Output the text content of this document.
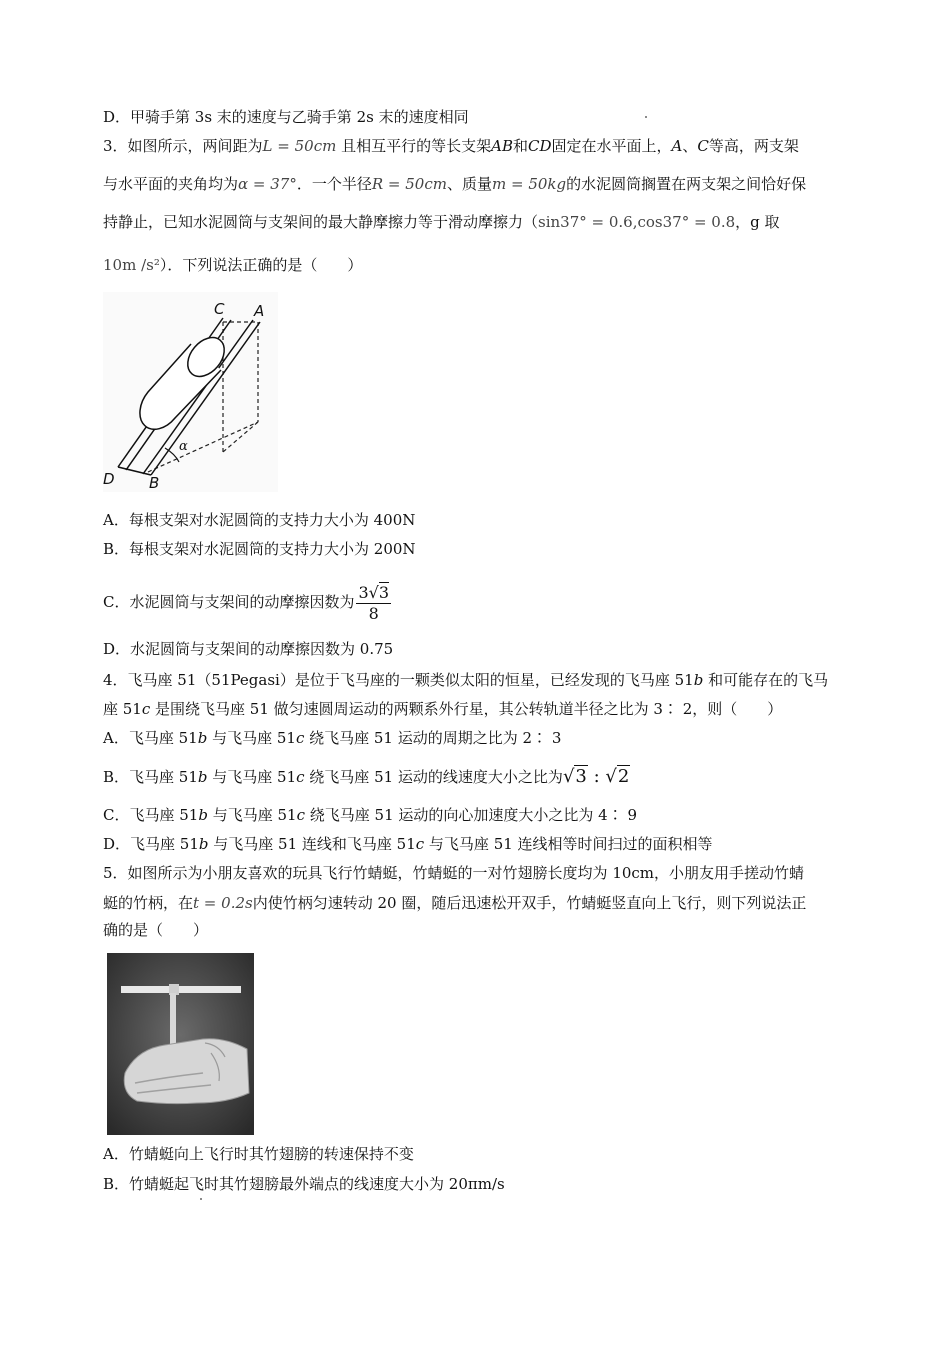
D．甲骑手第 3s 末的速度与乙骑手第 2s 末的速度相同
3．如图所示，两间距为L = 50cm 且相互平行的等长支架AB和CD固定在水平面上，A、C等高，两支架
与水平面的夹角均为α = 37°．一个半径R = 50cm、质量m = 50kg的水泥圆筒搁置在两支架之间恰好保
持静止，已知水泥圆筒与支架间的最大静摩擦力等于滑动摩擦力（sin37° = 0.6,cos37° = 0.8，g 取
10m /s²）．下列说法正确的是（　　）
D B
C A
α
A．每根支架对水泥圆筒的支持力大小为 400N
B．每根支架对水泥圆筒的支持力大小为 200N
C．水泥圆筒与支架间的动摩擦因数为 $\frac{3√3}{8}$
D．水泥圆筒与支架间的动摩擦因数为 0.75
4．飞马座 51（51Pegasi）是位于飞马座的一颗类似太阳的恒星，已经发现的飞马座 51b 和可能存在的飞马
座 51c 是围绕飞马座 51 做匀速圆周运动的两颗系外行星，其公转轨道半径之比为 3∶ 2，则（　　）
A．飞马座 51b 与飞马座 51c 绕飞马座 51 运动的周期之比为 2∶ 3
B．飞马座 51b 与飞马座 51c 绕飞马座 51 运动的线速度大小之比为√3 : √2
C．飞马座 51b 与飞马座 51c 绕飞马座 51 运动的向心加速度大小之比为 4∶ 9
D．飞马座 51b 与飞马座 51 连线和飞马座 51c 与飞马座 51 连线相等时间扫过的面积相等
5．如图所示为小朋友喜欢的玩具飞行竹蜻蜓，竹蜻蜓的一对竹翅膀长度均为 10cm，小朋友用手搓动竹蜻
蜓的竹柄，在t = 0.2s内使竹柄匀速转动 20 圈，随后迅速松开双手，竹蜻蜓竖直向上飞行，则下列说法正
确的是（　　）
A．竹蜻蜓向上飞行时其竹翅膀的转速保持不变
B．竹蜻蜓起飞时其竹翅膀最外端点的线速度大小为 20πm/s
